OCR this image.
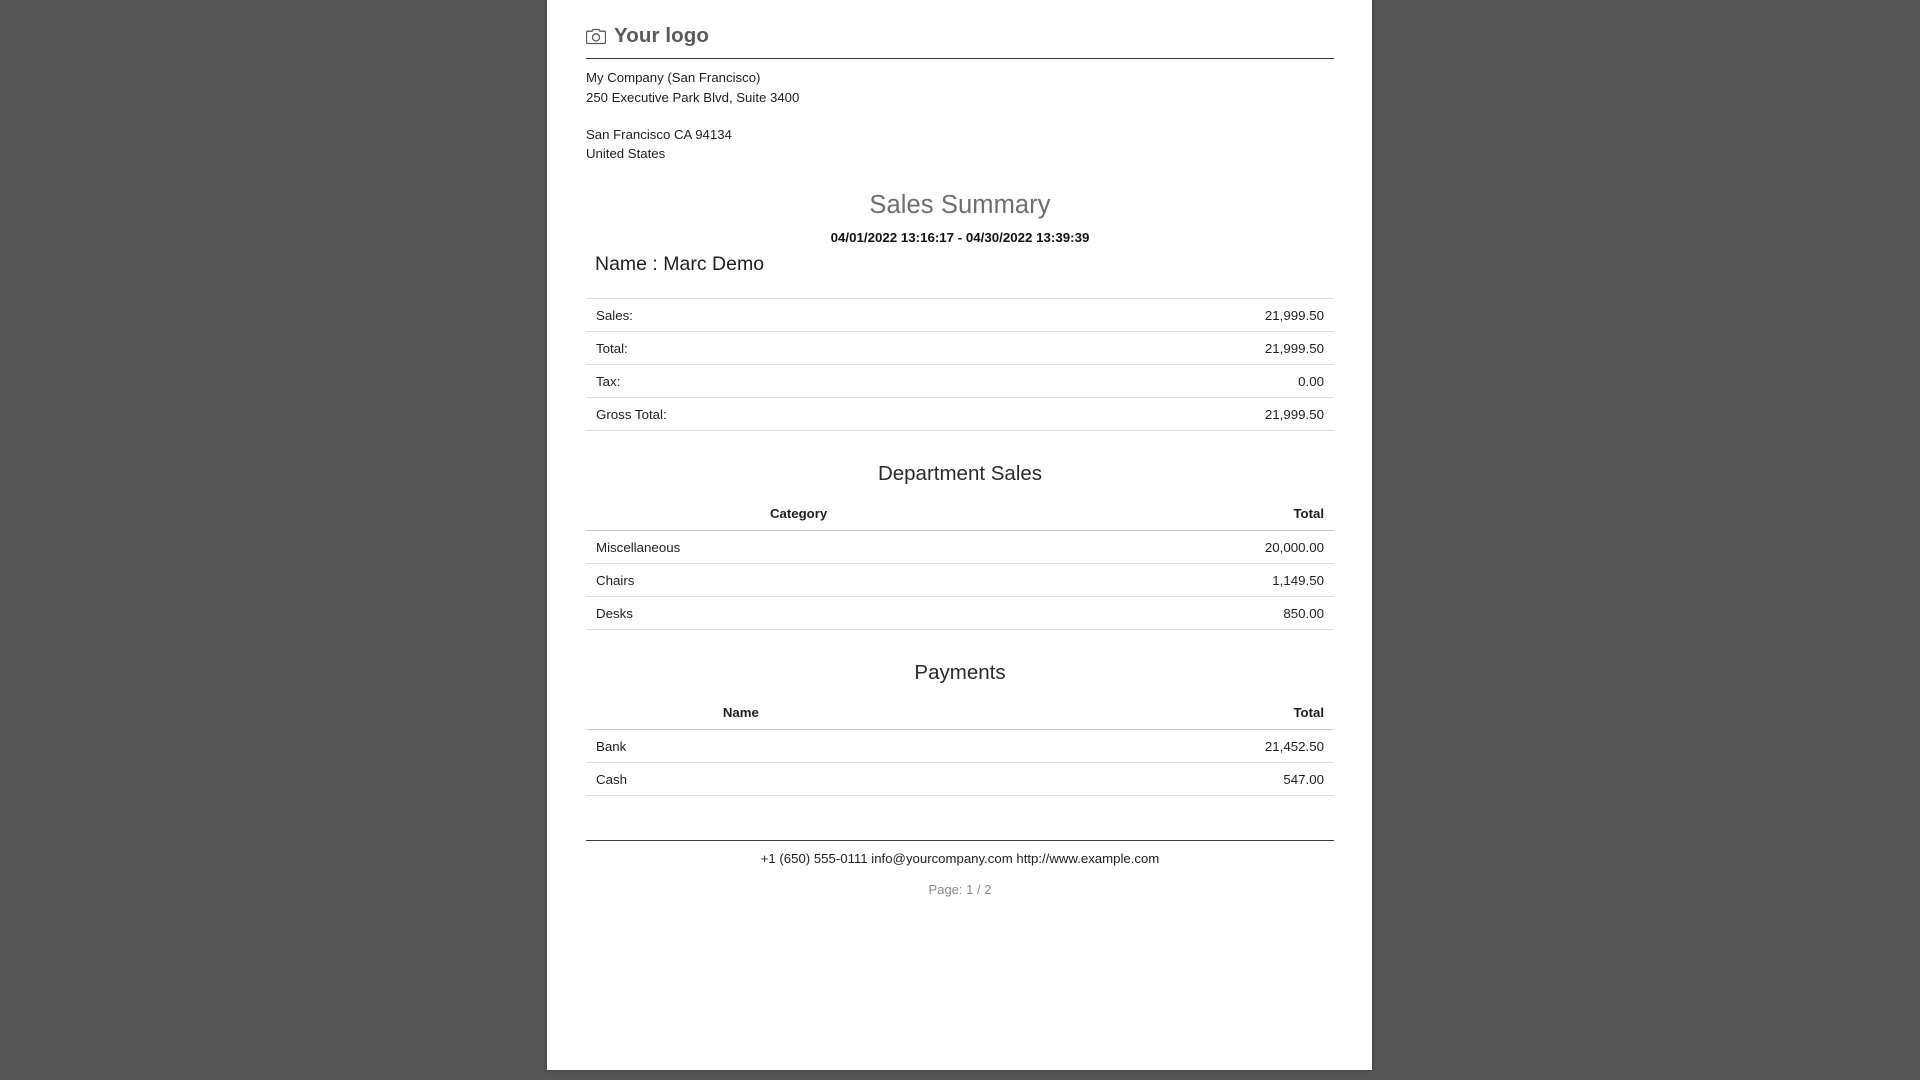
Your logo
My Company (San Francisco)
250 Executive Park Blvd, Suite 3400
San Francisco CA 94134
United States
Sales Summary
04/01/2022 13:16:17 - 04/30/2022 13:39:39
Name : Marc Demo
Sales:	21,999.50
Total:	21,999.50
Tax:	0.00
Gross Total:	21,999.50
Department Sales
Category	Total
Miscellaneous	20,000.00
Chairs	1,149.50
Desks	850.00
Payments
Name	Total
Bank	21,452.50
Cash	547.00
+1 (650) 555-0111 info@yourcompany.com http://www.example.com
Page: 1 / 2
